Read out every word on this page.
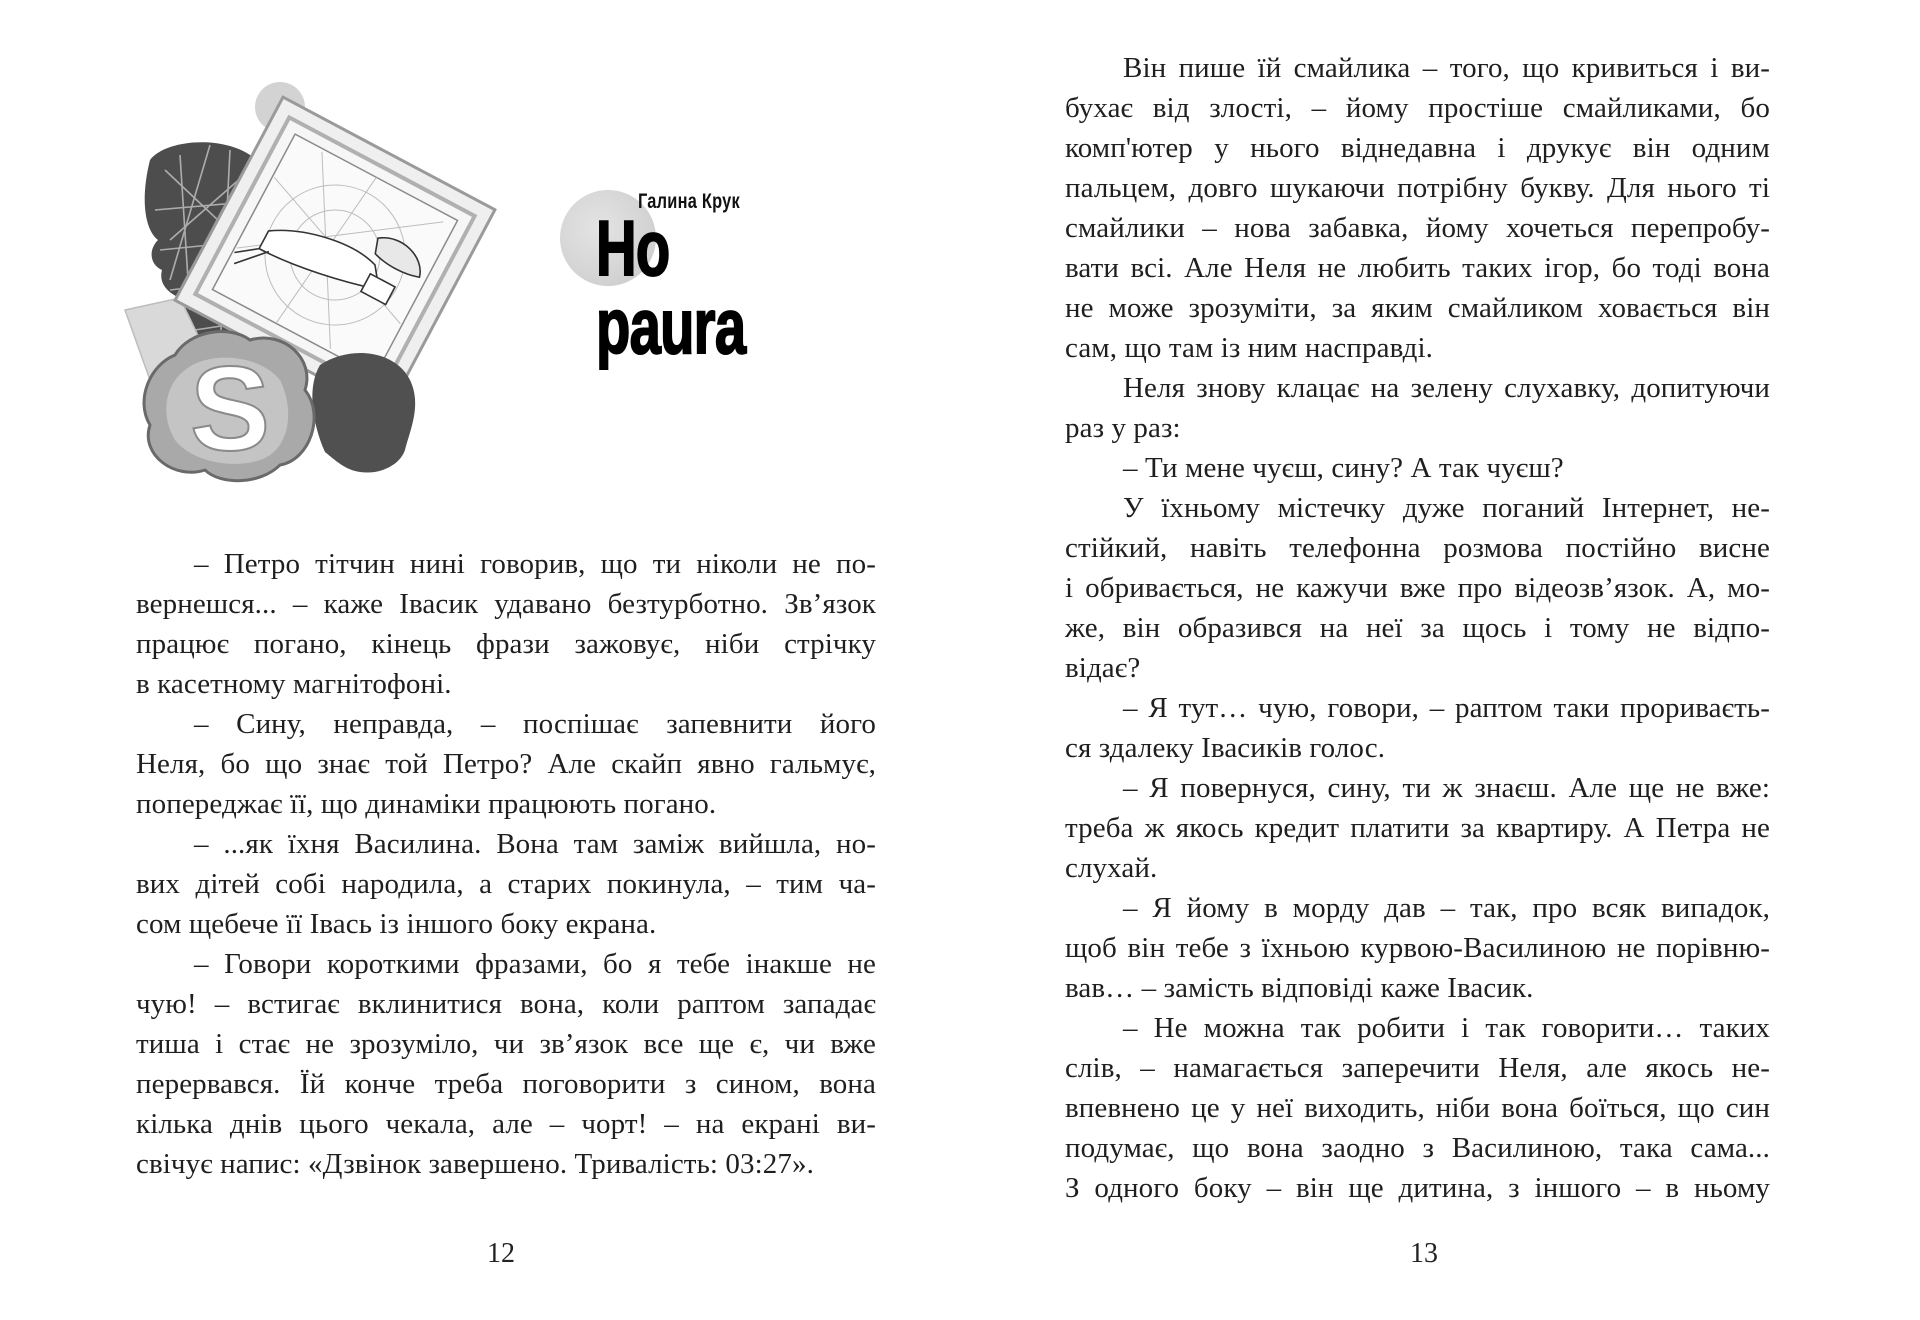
S
Галина Крук
Но paura
– Петро тітчин нині говорив, що ти ніколи не по-
вернешся... – каже Івасик удавано безтурботно. Зв’язок
працює погано, кінець фрази зажовує, ніби стрічку
в касетному магнітофоні.
– Сину, неправда, – поспішає запевнити його
Неля, бо що знає той Петро? Але скайп явно гальмує,
попереджає її, що динаміки працюють погано.
– ...як їхня Василина. Вона там заміж вийшла, но-
вих дітей собі народила, а старих покинула, – тим ча-
сом щебече її Івась із іншого боку екрана.
– Говори короткими фразами, бо я тебе інакше не
чую! – встигає вклинитися вона, коли раптом западає
тиша і стає не зрозуміло, чи зв’язок все ще є, чи вже
перервався. Їй конче треба поговорити з сином, вона
кілька днів цього чекала, але – чорт! – на екрані ви-
свічує напис: «Дзвінок завершено. Тривалість: 03:27».
12
Він пише їй смайлика – того, що кривиться і ви-
бухає від злості, – йому простіше смайликами, бо
комп'ютер у нього віднедавна і друкує він одним
пальцем, довго шукаючи потрібну букву. Для нього ті
смайлики – нова забавка, йому хочеться перепробу-
вати всі. Але Неля не любить таких ігор, бо тоді вона
не може зрозуміти, за яким смайликом ховається він
сам, що там із ним насправді.
Неля знову клацає на зелену слухавку, допитуючи
раз у раз:
– Ти мене чуєш, сину? А так чуєш?
У їхньому містечку дуже поганий Інтернет, не-
стійкий, навіть телефонна розмова постійно висне
і обривається, не кажучи вже про відеозв’язок. А, мо-
же, він образився на неї за щось і тому не відпо-
відає?
– Я тут… чую, говори, – раптом таки прориваєть-
ся здалеку Івасиків голос.
– Я повернуся, сину, ти ж знаєш. Але ще не вже:
треба ж якось кредит платити за квартиру. А Петра не
слухай.
– Я йому в морду дав – так, про всяк випадок,
щоб він тебе з їхньою курвою-Василиною не порівню-
вав… – замість відповіді каже Івасик.
– Не можна так робити і так говорити… таких
слів, – намагається заперечити Неля, але якось не-
впевнено це у неї виходить, ніби вона боїться, що син
подумає, що вона заодно з Василиною, така сама...
З одного боку – він ще дитина, з іншого – в ньому
13
